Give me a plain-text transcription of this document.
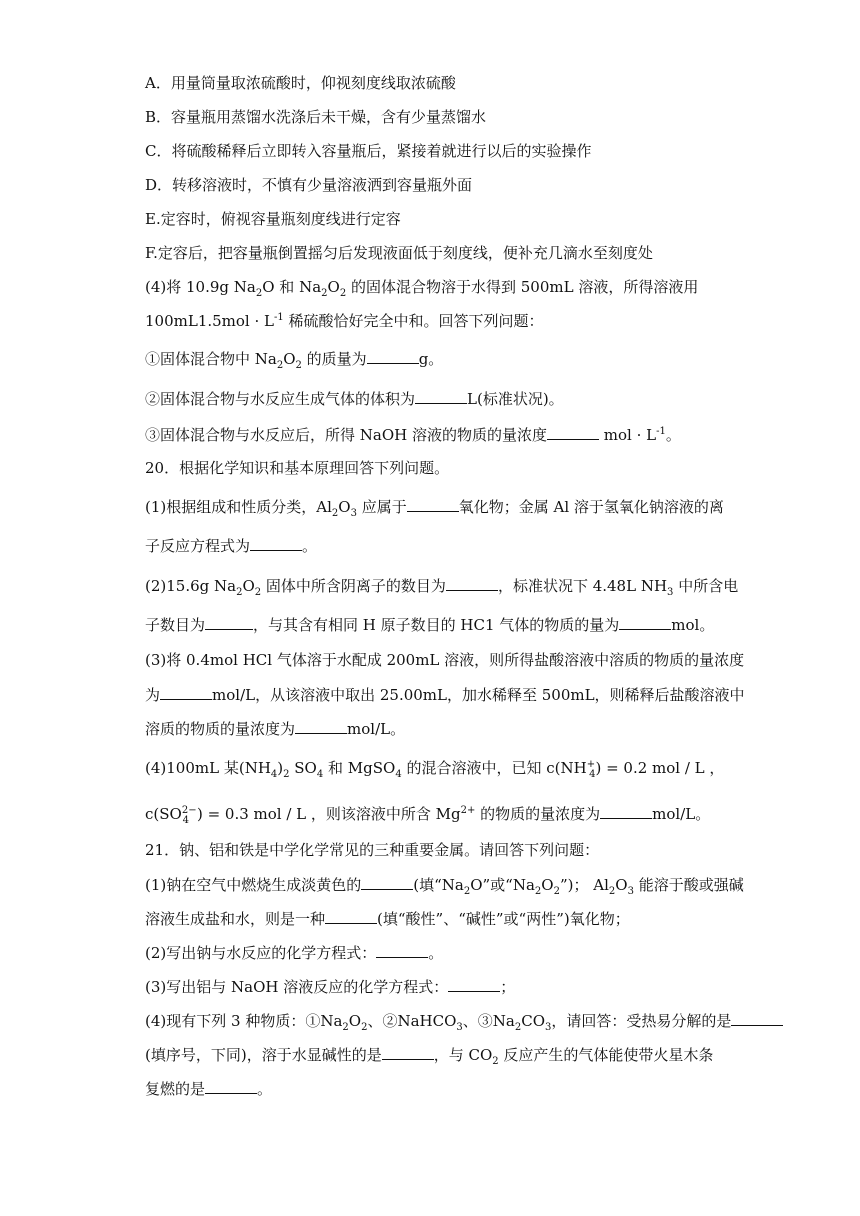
A．用量筒量取浓硫酸时，仰视刻度线取浓硫酸
B．容量瓶用蒸馏水洗涤后未干燥，含有少量蒸馏水
C．将硫酸稀释后立即转入容量瓶后，紧接着就进行以后的实验操作
D．转移溶液时，不慎有少量溶液洒到容量瓶外面
E.定容时，俯视容量瓶刻度线进行定容
F.定容后，把容量瓶倒置摇匀后发现液面低于刻度线，便补充几滴水至刻度处
(4)将 10.9g $Na_2O$ 和 $Na_2O_2$ 的固体混合物溶于水得到 500mL 溶液，所得溶液用
$100mL1.5mol \cdot L^{-1}$ 稀硫酸恰好完全中和。回答下列问题：
①固体混合物中 $Na_2O_2$ 的质量为	g。
②固体混合物与水反应生成气体的体积为	L(标准状况)。
③固体混合物与水反应后，所得 NaOH 溶液的物质的量浓度	mol · $L^{-1}$。
20．根据化学知识和基本原理回答下列问题。
(1)根据组成和性质分类，$Al_2O_3$ 应属于	氧化物；金属 Al 溶于氢氧化钠溶液的离
子反应方程式为	。
(2)15.6g $Na_2O_2$ 固体中所含阴离子的数目为	，标准状况下 4.48L $NH_3$ 中所含电
子数目为	，与其含有相同 H 原子数目的 HC1 气体的物质的量为	mol。
(3)将 0.4mol HCl 气体溶于水配成 200mL 溶液，则所得盐酸溶液中溶质的物质的量浓度
为	mol/L，从该溶液中取出 25.00mL，加水稀释至 500mL，则稀释后盐酸溶液中
溶质的物质的量浓度为	mol/L。
(4)100mL 某$(NH_4)_2$ $SO_4$ 和 MgSO$_4$ 的混合溶液中，已知 $c(NH^+_4) = 0.2$ mol / L ，
$c(SO^{2-}_4$ ) = 0.3 mol / L ，则该溶液中所含 $Mg^{2+}$ 的物质的量浓度为	mol/L。
21．钠、铝和铁是中学化学常见的三种重要金属。请回答下列问题：
(1)钠在空气中燃烧生成淡黄色的	(填“$Na_2O$”或“$Na_2O_2$”)； $Al_2O_3$ 能溶于酸或强碱
溶液生成盐和水，则是一种	(填“酸性”、“碱性”或“两性”)氧化物；
(2)写出钠与水反应的化学方程式：	。
(3)写出铝与 NaOH 溶液反应的化学方程式：	；
(4)现有下列 3 种物质：$①Na_2O_2$、②NaHCO$_3$、$③Na_2CO_3$，请回答：受热易分解的是
(填序号，下同)，溶于水显碱性的是	，与 $CO_2$ 反应产生的气体能使带火星木条
复燃的是	。
